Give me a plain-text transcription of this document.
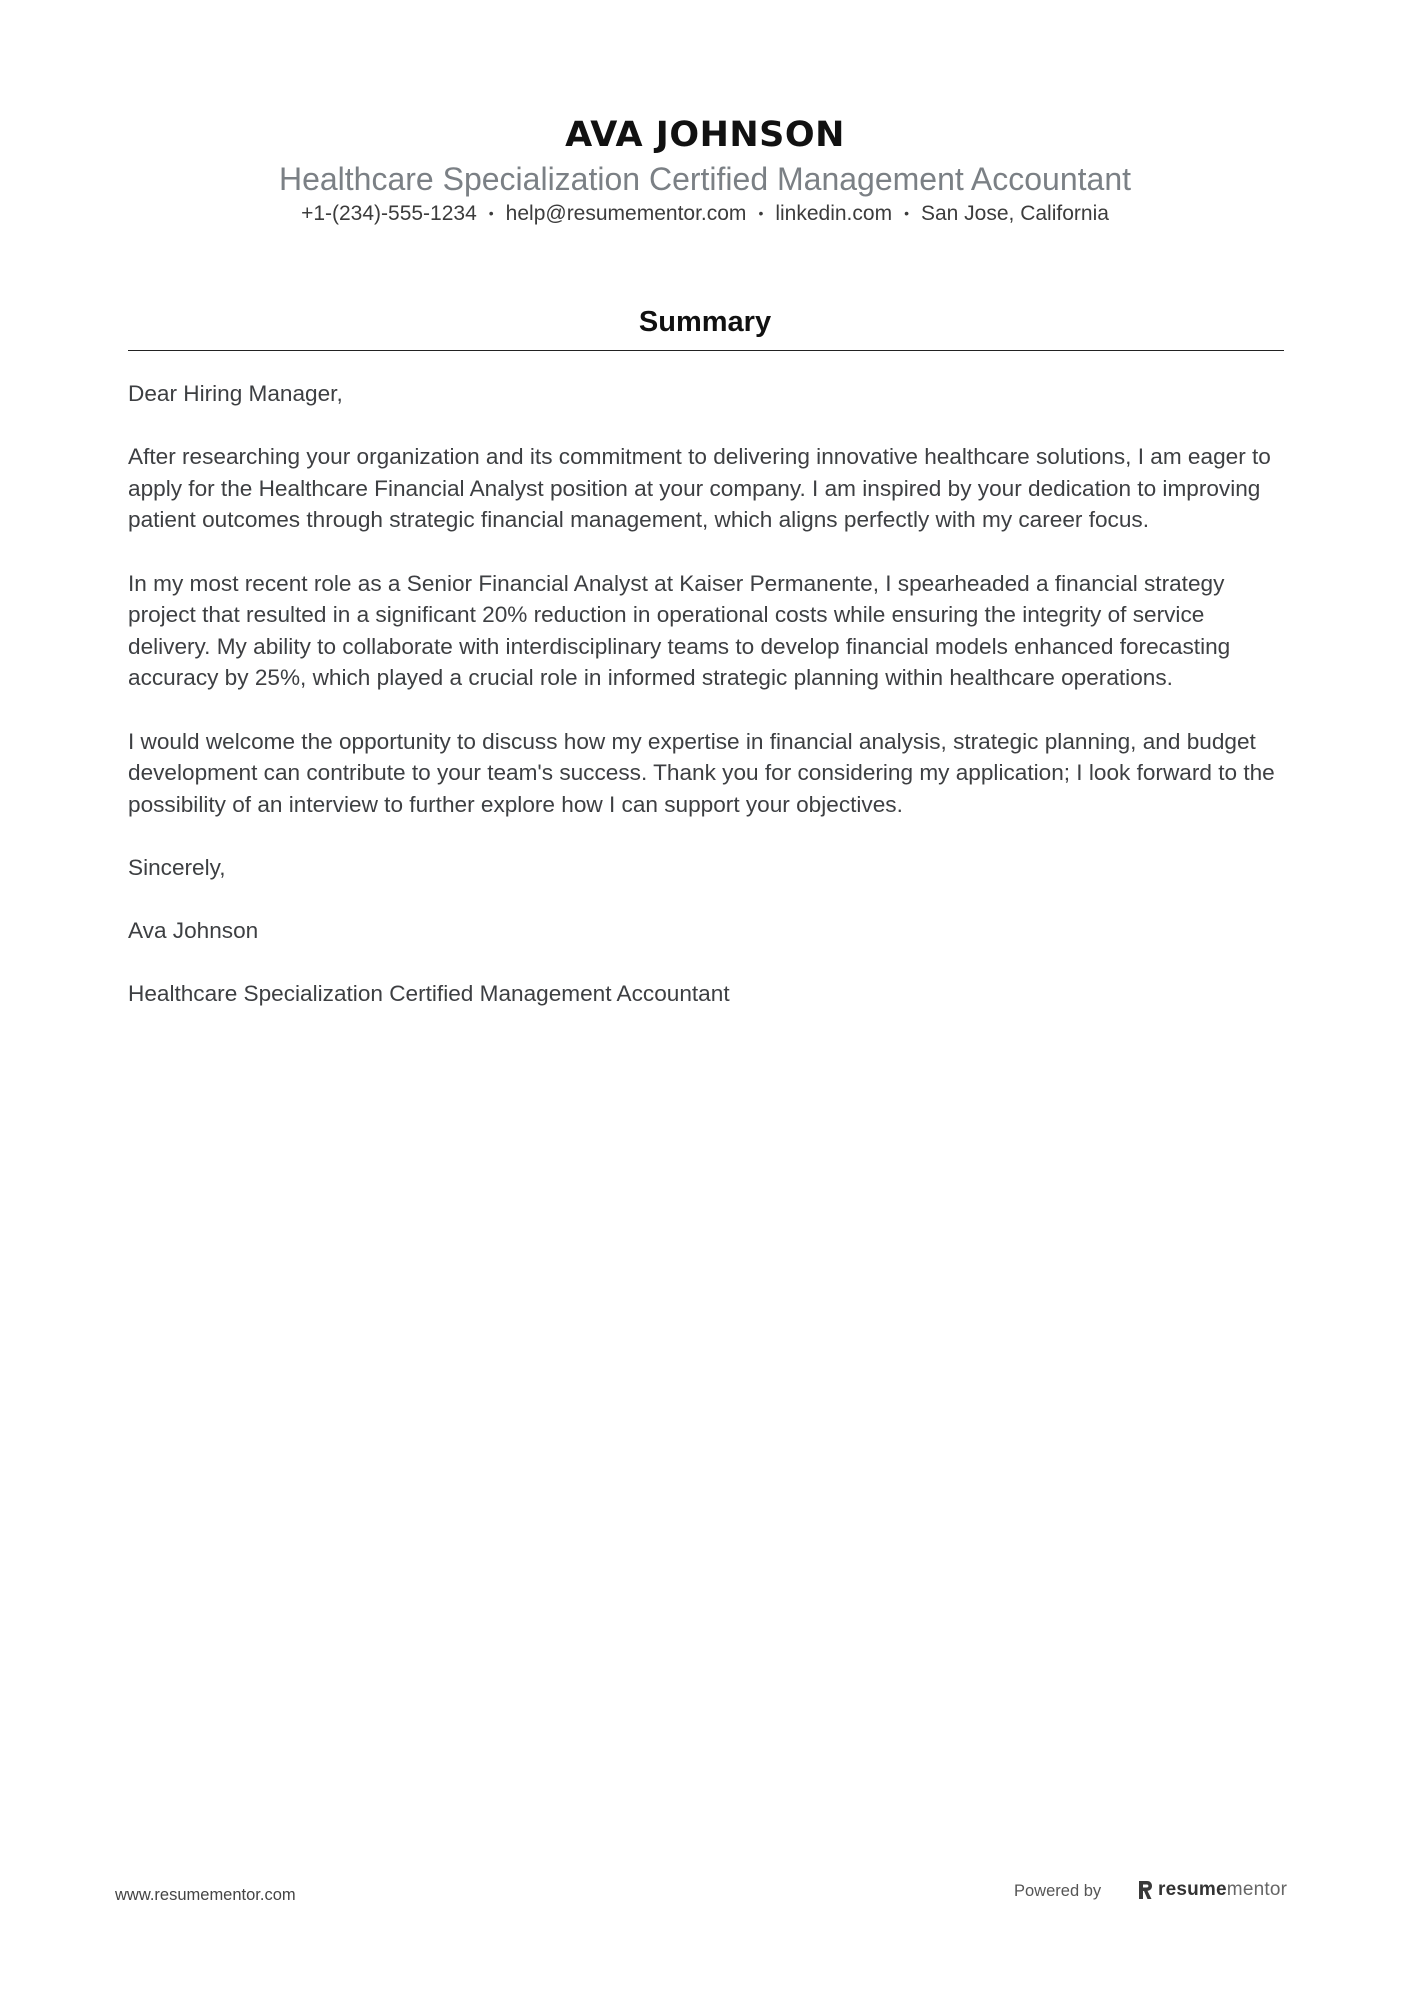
AVA JOHNSON
Healthcare Specialization Certified Management Accountant
+1-(234)-555-1234 • help@resumementor.com • linkedin.com • San Jose, California
Summary

Dear Hiring Manager,

After researching your organization and its commitment to delivering innovative healthcare solutions, I am eager to apply for the Healthcare Financial Analyst position at your company. I am inspired by your dedication to improving patient outcomes through strategic financial management, which aligns perfectly with my career focus.

In my most recent role as a Senior Financial Analyst at Kaiser Permanente, I spearheaded a financial strategy project that resulted in a significant 20% reduction in operational costs while ensuring the integrity of service delivery. My ability to collaborate with interdisciplinary teams to develop financial models enhanced forecasting accuracy by 25%, which played a crucial role in informed strategic planning within healthcare operations.

I would welcome the opportunity to discuss how my expertise in financial analysis, strategic planning, and budget development can contribute to your team's success. Thank you for considering my application; I look forward to the possibility of an interview to further explore how I can support your objectives.

Sincerely,

Ava Johnson

Healthcare Specialization Certified Management Accountant

www.resumementor.com	Powered by	resumementor
